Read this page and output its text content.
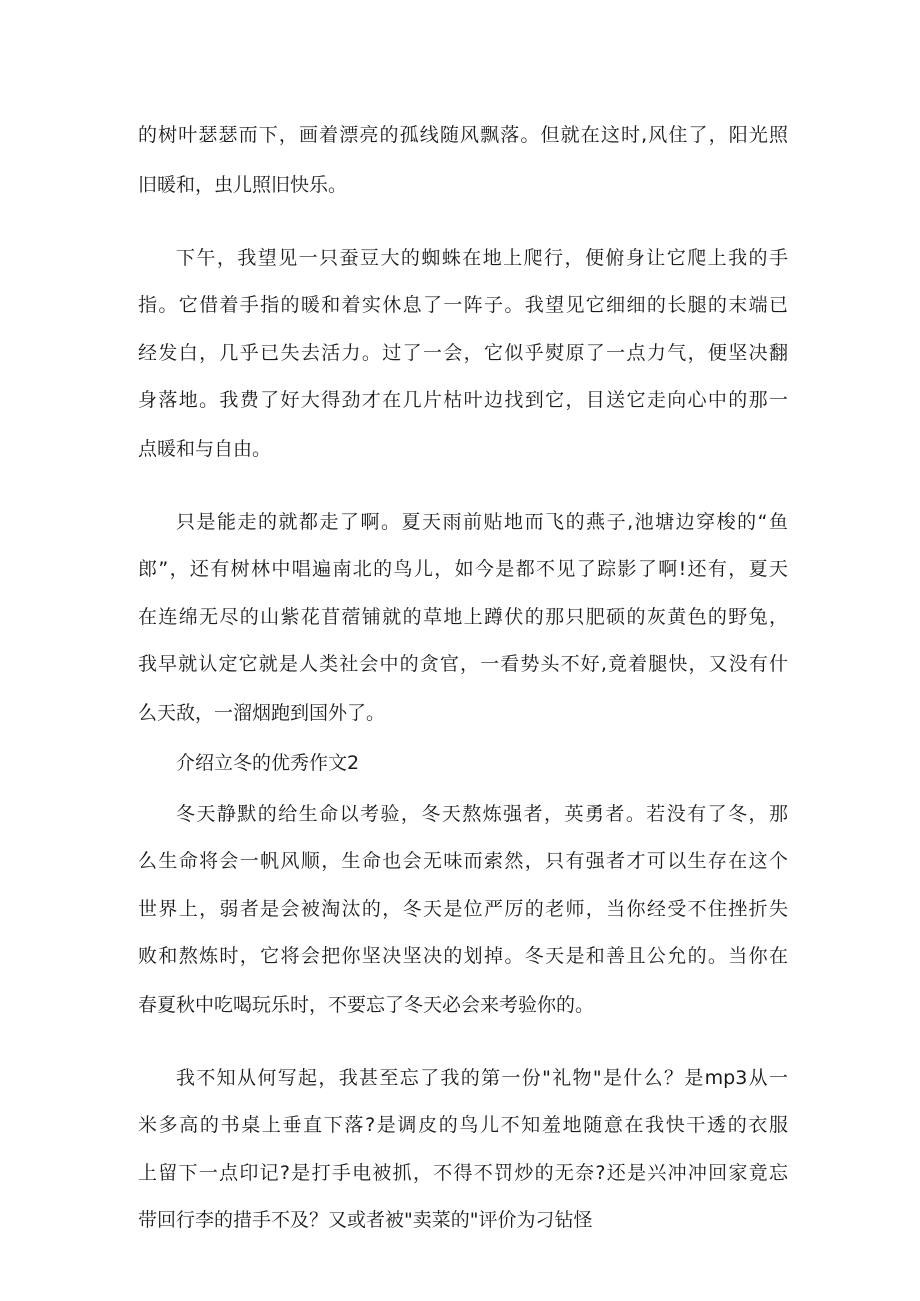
的树叶瑟瑟而下，画着漂亮的孤线随风飘落。但就在这时,风住了，阳光照

旧暖和，虫儿照旧快乐。

下午，我望见一只蚕豆大的蜘蛛在地上爬行，便俯身让它爬上我的手

指。它借着手指的暖和着实休息了一阵子。我望见它细细的长腿的末端已

经发白，几乎已失去活力。过了一会，它似乎熨原了一点力气，便坚决翻

身落地。我费了好大得劲才在几片枯叶边找到它，目送它走向心中的那一

点暖和与自由。

只是能走的就都走了啊。夏天雨前贴地而飞的燕子,池塘边穿梭的“鱼

郎”，还有树林中唱遍南北的鸟儿，如今是都不见了踪影了啊!还有，夏天

在连绵无尽的山紫花苜蓿铺就的草地上蹲伏的那只肥硕的灰黄色的野兔，

我早就认定它就是人类社会中的贪官，一看势头不好,竟着腿快，又没有什

么天敌，一溜烟跑到国外了。

介绍立冬的优秀作文2

冬天静默的给生命以考验，冬天熬炼强者，英勇者。若没有了冬，那

么生命将会一帆风顺，生命也会无味而索然，只有强者才可以生存在这个

世界上，弱者是会被淘汰的，冬天是位严厉的老师，当你经受不住挫折失

败和熬炼时，它将会把你坚决坚决的划掉。冬天是和善且公允的。当你在

春夏秋中吃喝玩乐时，不要忘了冬天必会来考验你的。

我不知从何写起，我甚至忘了我的第一份"礼物"是什么？是mp3从一

米多高的书桌上垂直下落?是调皮的鸟儿不知羞地随意在我快干透的衣服

上留下一点印记?是打手电被抓，不得不罚炒的无奈?还是兴冲冲回家竟忘

带回行李的措手不及？又或者被"卖菜的"评价为刁钻怪
